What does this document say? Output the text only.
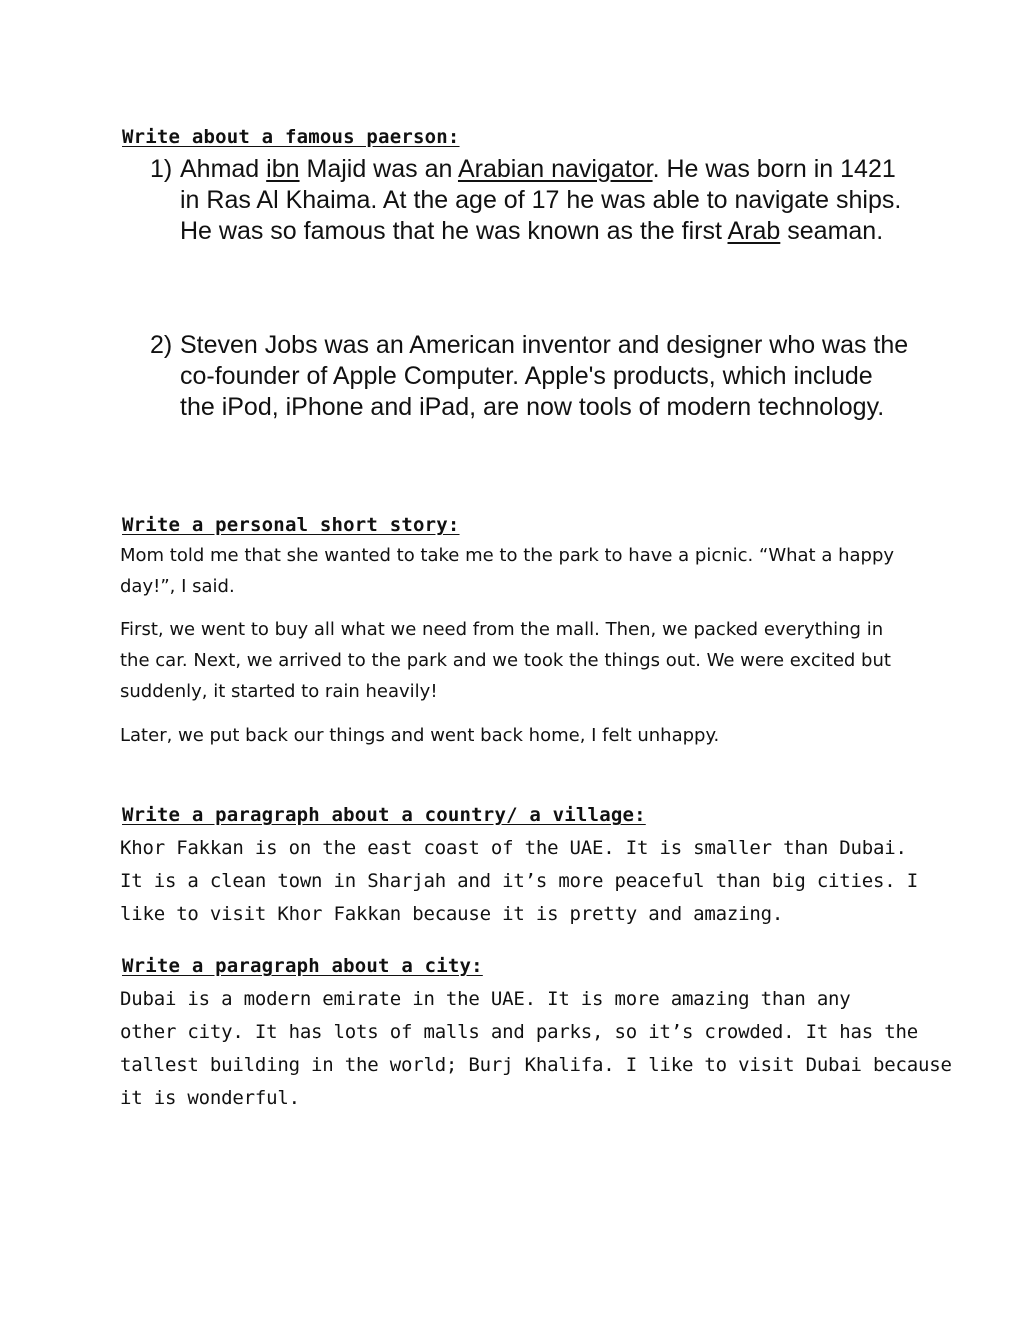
Write about a famous paerson:
1) Ahmad ibn Majid was an Arabian navigator. He was born in 1421 in Ras Al Khaima. At the age of 17 he was able to navigate ships. He was so famous that he was known as the first Arab seaman.
2) Steven Jobs was an American inventor and designer who was the co-founder of Apple Computer. Apple's products, which include the iPod, iPhone and iPad, are now tools of modern technology.
Write a personal short story:
Mom told me that she wanted to take me to the park to have a picnic. “What a happy day!”, I said.
First, we went to buy all what we need from the mall. Then, we packed everything in the car. Next, we arrived to the park and we took the things out. We were excited but suddenly, it started to rain heavily!
Later, we put back our things and went back home, I felt unhappy.
Write a paragraph about a country/ a village:
Khor Fakkan is on the east coast of the UAE. It is smaller than Dubai.
It is a clean town in Sharjah and it’s more peaceful than big cities. I
like to visit Khor Fakkan because it is pretty and amazing.
Write a paragraph about a city:
Dubai is a modern emirate in the UAE. It is more amazing than any
other city. It has lots of malls and parks, so it’s crowded. It has the
tallest building in the world; Burj Khalifa. I like to visit Dubai because
it is wonderful.
